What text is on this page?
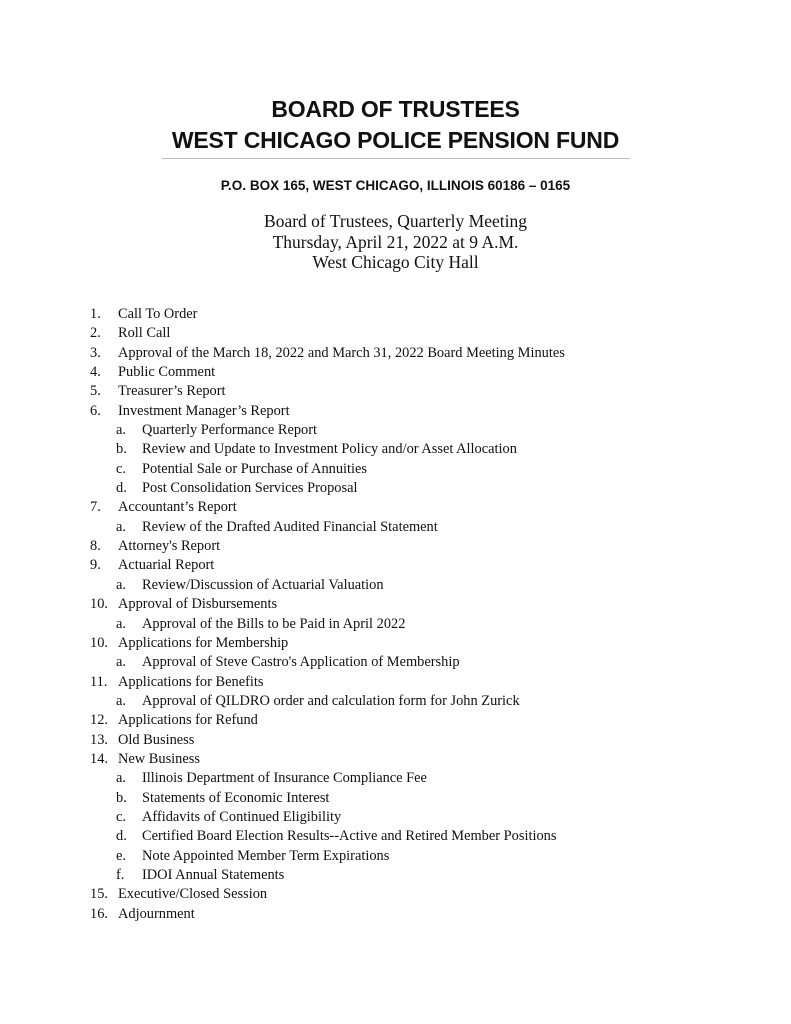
BOARD OF TRUSTEES
WEST CHICAGO POLICE PENSION FUND
P.O. BOX 165, WEST CHICAGO, ILLINOIS 60186 – 0165
Board of Trustees, Quarterly Meeting
Thursday, April 21, 2022 at 9 A.M.
West Chicago City Hall
1. Call To Order
2. Roll Call
3. Approval of the March 18, 2022 and March 31, 2022 Board Meeting Minutes
4. Public Comment
5. Treasurer’s Report
6. Investment Manager’s Report
a. Quarterly Performance Report
b. Review and Update to Investment Policy and/or Asset Allocation
c. Potential Sale or Purchase of Annuities
d. Post Consolidation Services Proposal
7. Accountant’s Report
a. Review of the Drafted Audited Financial Statement
8. Attorney's Report
9. Actuarial Report
a. Review/Discussion of Actuarial Valuation
10. Approval of Disbursements
a. Approval of the Bills to be Paid in April 2022
10. Applications for Membership
a. Approval of Steve Castro's Application of Membership
11. Applications for Benefits
a. Approval of QILDRO order and calculation form for John Zurick
12. Applications for Refund
13. Old Business
14. New Business
a. Illinois Department of Insurance Compliance Fee
b. Statements of Economic Interest
c. Affidavits of Continued Eligibility
d. Certified Board Election Results--Active and Retired Member Positions
e. Note Appointed Member Term Expirations
f. IDOI Annual Statements
15. Executive/Closed Session
16. Adjournment
